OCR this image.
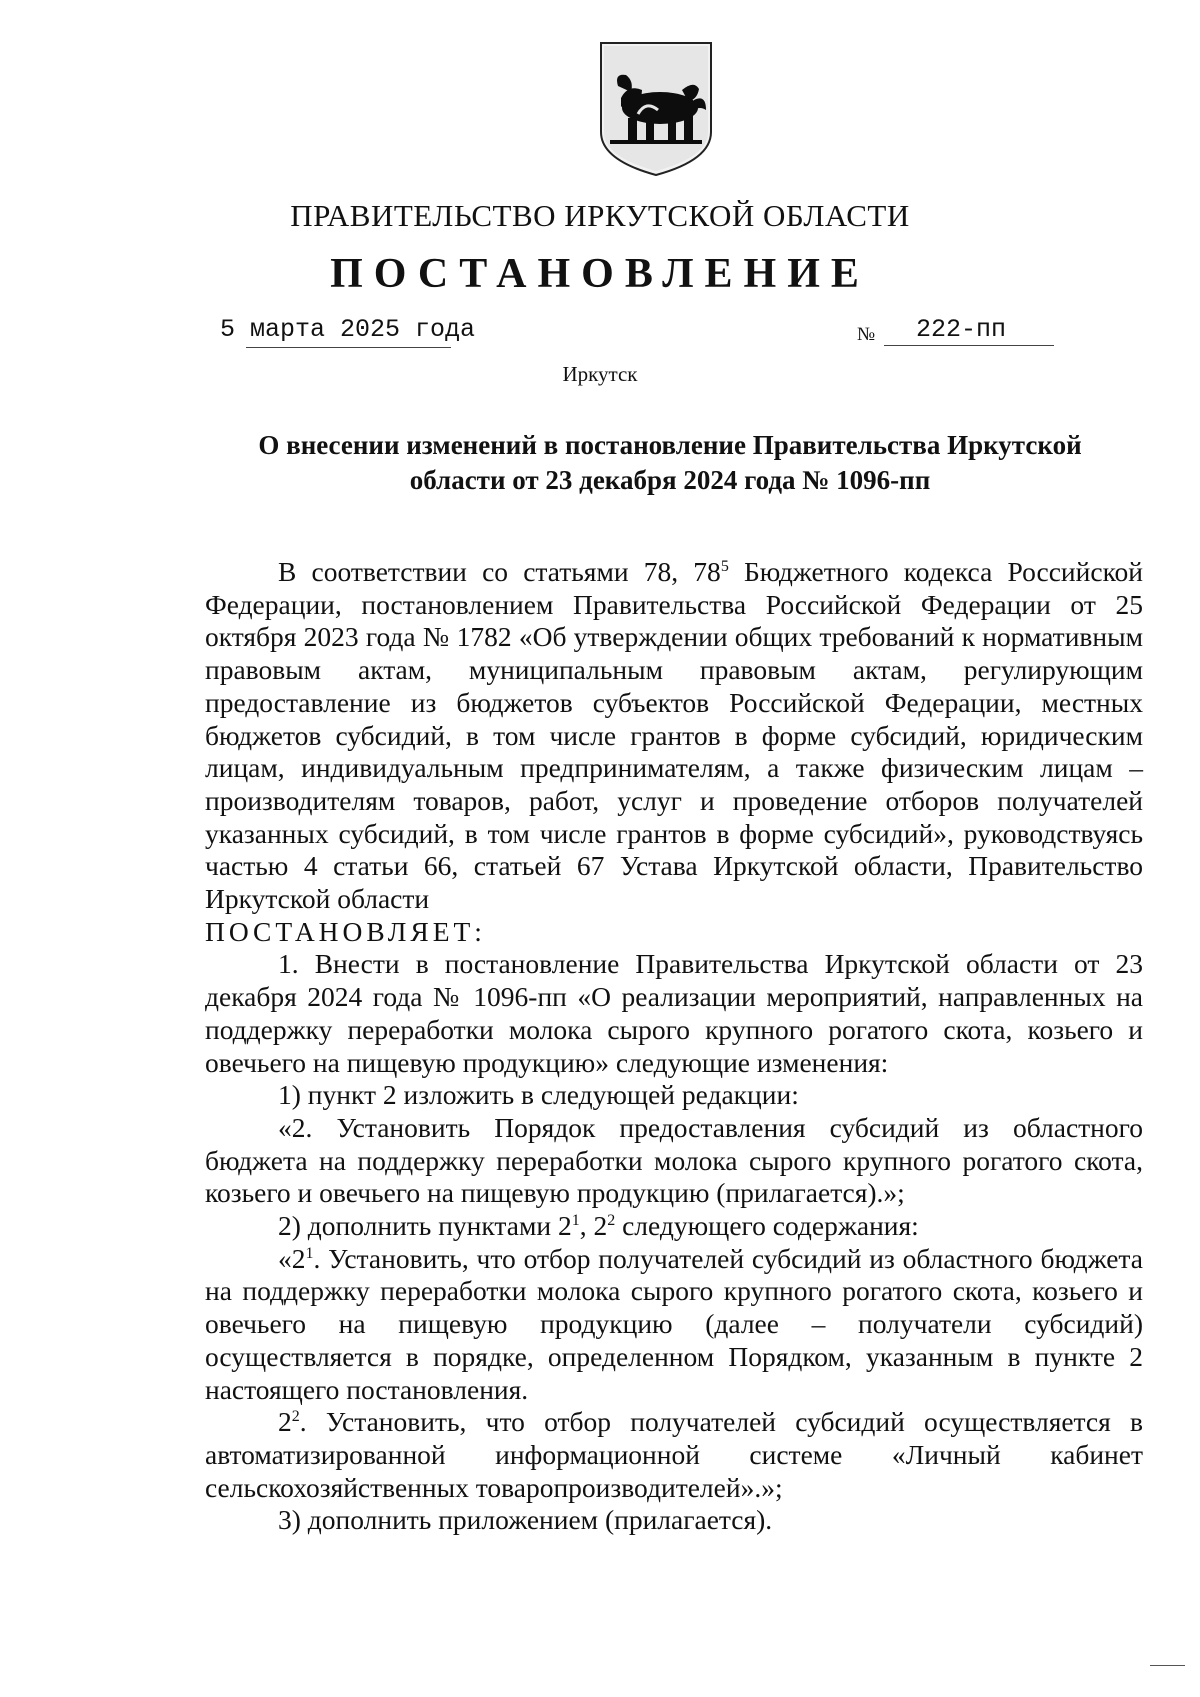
ПРАВИТЕЛЬСТВО ИРКУТСКОЙ ОБЛАСТИ
ПОСТАНОВЛЕНИЕ
5 марта 2025 года	№ 222-пп
Иркутск
О внесении изменений в постановление Правительства Иркутской
области от 23 декабря 2024 года № 1096-пп

В соответствии со статьями 78, $78^5$ Бюджетного кодекса Российской Федерации, постановлением Правительства Российской Федерации от 25 октября 2023 года № 1782 «Об утверждении общих требований к нормативным правовым актам, муниципальным правовым актам, регулирующим предоставление из бюджетов субъектов Российской Федерации, местных бюджетов субсидий, в том числе грантов в форме субсидий, юридическим лицам, индивидуальным предпринимателям, а также физическим лицам – производителям товаров, работ, услуг и проведение отборов получателей указанных субсидий, в том числе грантов в форме субсидий», руководствуясь частью 4 статьи 66, статьей 67 Устава Иркутской области, Правительство Иркутской области

ПОСТАНОВЛЯЕТ:

1. Внести в постановление Правительства Иркутской области от 23 декабря 2024 года № 1096-пп «О реализации мероприятий, направленных на поддержку переработки молока сырого крупного рогатого скота, козьего и овечьего на пищевую продукцию» следующие изменения:

1) пункт 2 изложить в следующей редакции:

«2. Установить Порядок предоставления субсидий из областного бюджета на поддержку переработки молока сырого крупного рогатого скота, козьего и овечьего на пищевую продукцию (прилагается).»;

2) дополнить пунктами $2^1$, $2^2$ следующего содержания:

«$2^1$. Установить, что отбор получателей субсидий из областного бюджета на поддержку переработки молока сырого крупного рогатого скота, козьего и овечьего на пищевую продукцию (далее – получатели субсидий) осуществляется в порядке, определенном Порядком, указанным в пункте 2 настоящего постановления.

$2^2$. Установить, что отбор получателей субсидий осуществляется в автоматизированной информационной системе «Личный кабинет сельскохозяйственных товаропроизводителей».»;

3) дополнить приложением (прилагается).
